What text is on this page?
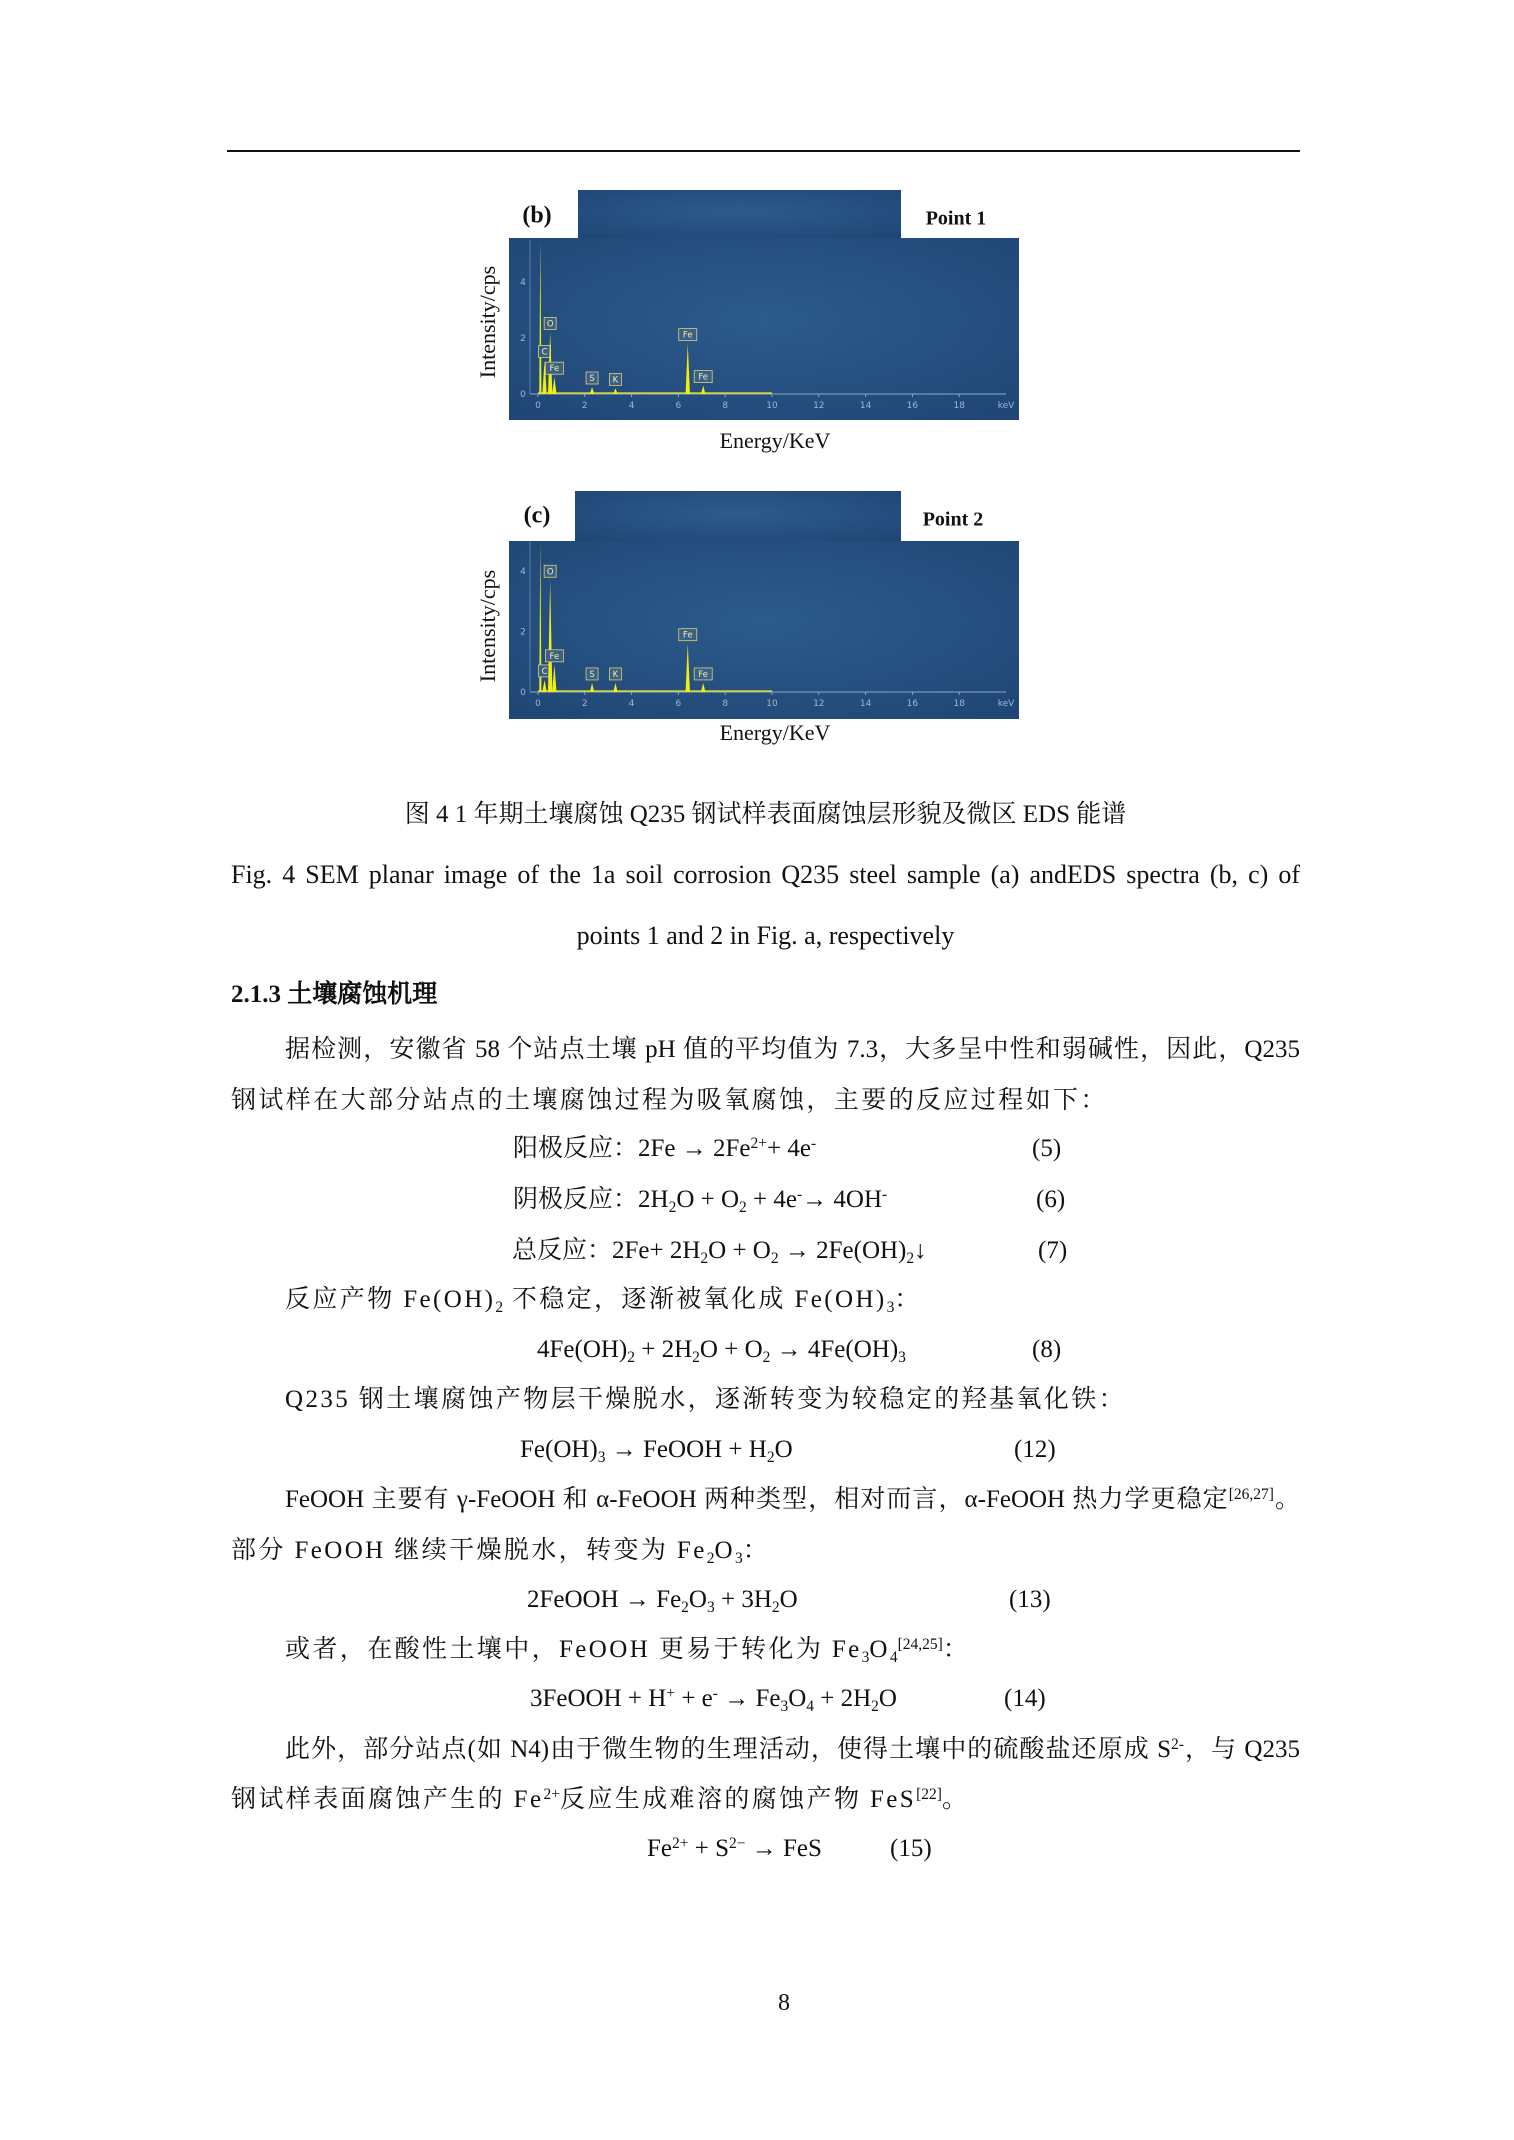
0	2	4	6	8	10	12	14	16	18	keV
0
2
4
C
O
Fe
S K
Fe
Fe
(b)	Point 1
Intensity/cps
Energy/KeV
0	2	4	6	8	10	12	14	16	18	keV
0
2
4
C
O
Fe
S K
Fe
Fe
(c)	Point 2
Intensity/cps
Energy/KeV
图 4 1 年期土壤腐蚀 Q235 钢试样表面腐蚀层形貌及微区 EDS 能谱
Fig. 4 SEM planar image of the 1a soil corrosion Q235 steel sample (a) andEDS spectra (b, c) of
points 1 and 2 in Fig. a, respectively
2.1.3 土壤腐蚀机理
据检测，安徽省 58 个站点土壤 pH 值的平均值为 7.3，大多呈中性和弱碱性，因此，Q235
钢试样在大部分站点的土壤腐蚀过程为吸氧腐蚀，主要的反应过程如下：
阳极反应：$2Fe \to 2Fe^{2+}+ 4e^-$	(5)
阴极反应：$2H_2O + O_2 + 4e^-\to 4OH^-$	(6)
总反应：$2Fe+ 2H_2O + O_2$ → $2Fe(OH)_2↓$	(7)
反应产物 $Fe(OH)_2$ 不稳定，逐渐被氧化成 $Fe(OH)_3$：
$4Fe(OH)_2 + 2H_2O + O_2 \to 4Fe(OH)_3$	(8)
Q235 钢土壤腐蚀产物层干燥脱水，逐渐转变为较稳定的羟基氧化铁：
$Fe(OH)_3$ → FeOOH + $H_2O$	(12)
FeOOH 主要有 γ-FeOOH 和 α-FeOOH 两种类型，相对而言，α-FeOOH 热力学更稳定[26,27]。
部分 FeOOH 继续干燥脱水，转变为 $Fe_2O_3$：
2FeOOH → $Fe_2O_3 + 3H_2O$	(13)
或者，在酸性土壤中，FeOOH 更易于转化为 $Fe_3O_4[24,25]$：
3FeOOH + $H^+ + e^- \to Fe_3O_4 + 2H_2O$	(14)
此外，部分站点(如 N4)由于微生物的生理活动，使得土壤中的硫酸盐还原成 $S^{2-}$，与 Q235
钢试样表面腐蚀产生的 $Fe^{2+}$反应生成难溶的腐蚀产物 FeS[22]。
$Fe^{2+} + S^{2-}$ → FeS	(15)
8
